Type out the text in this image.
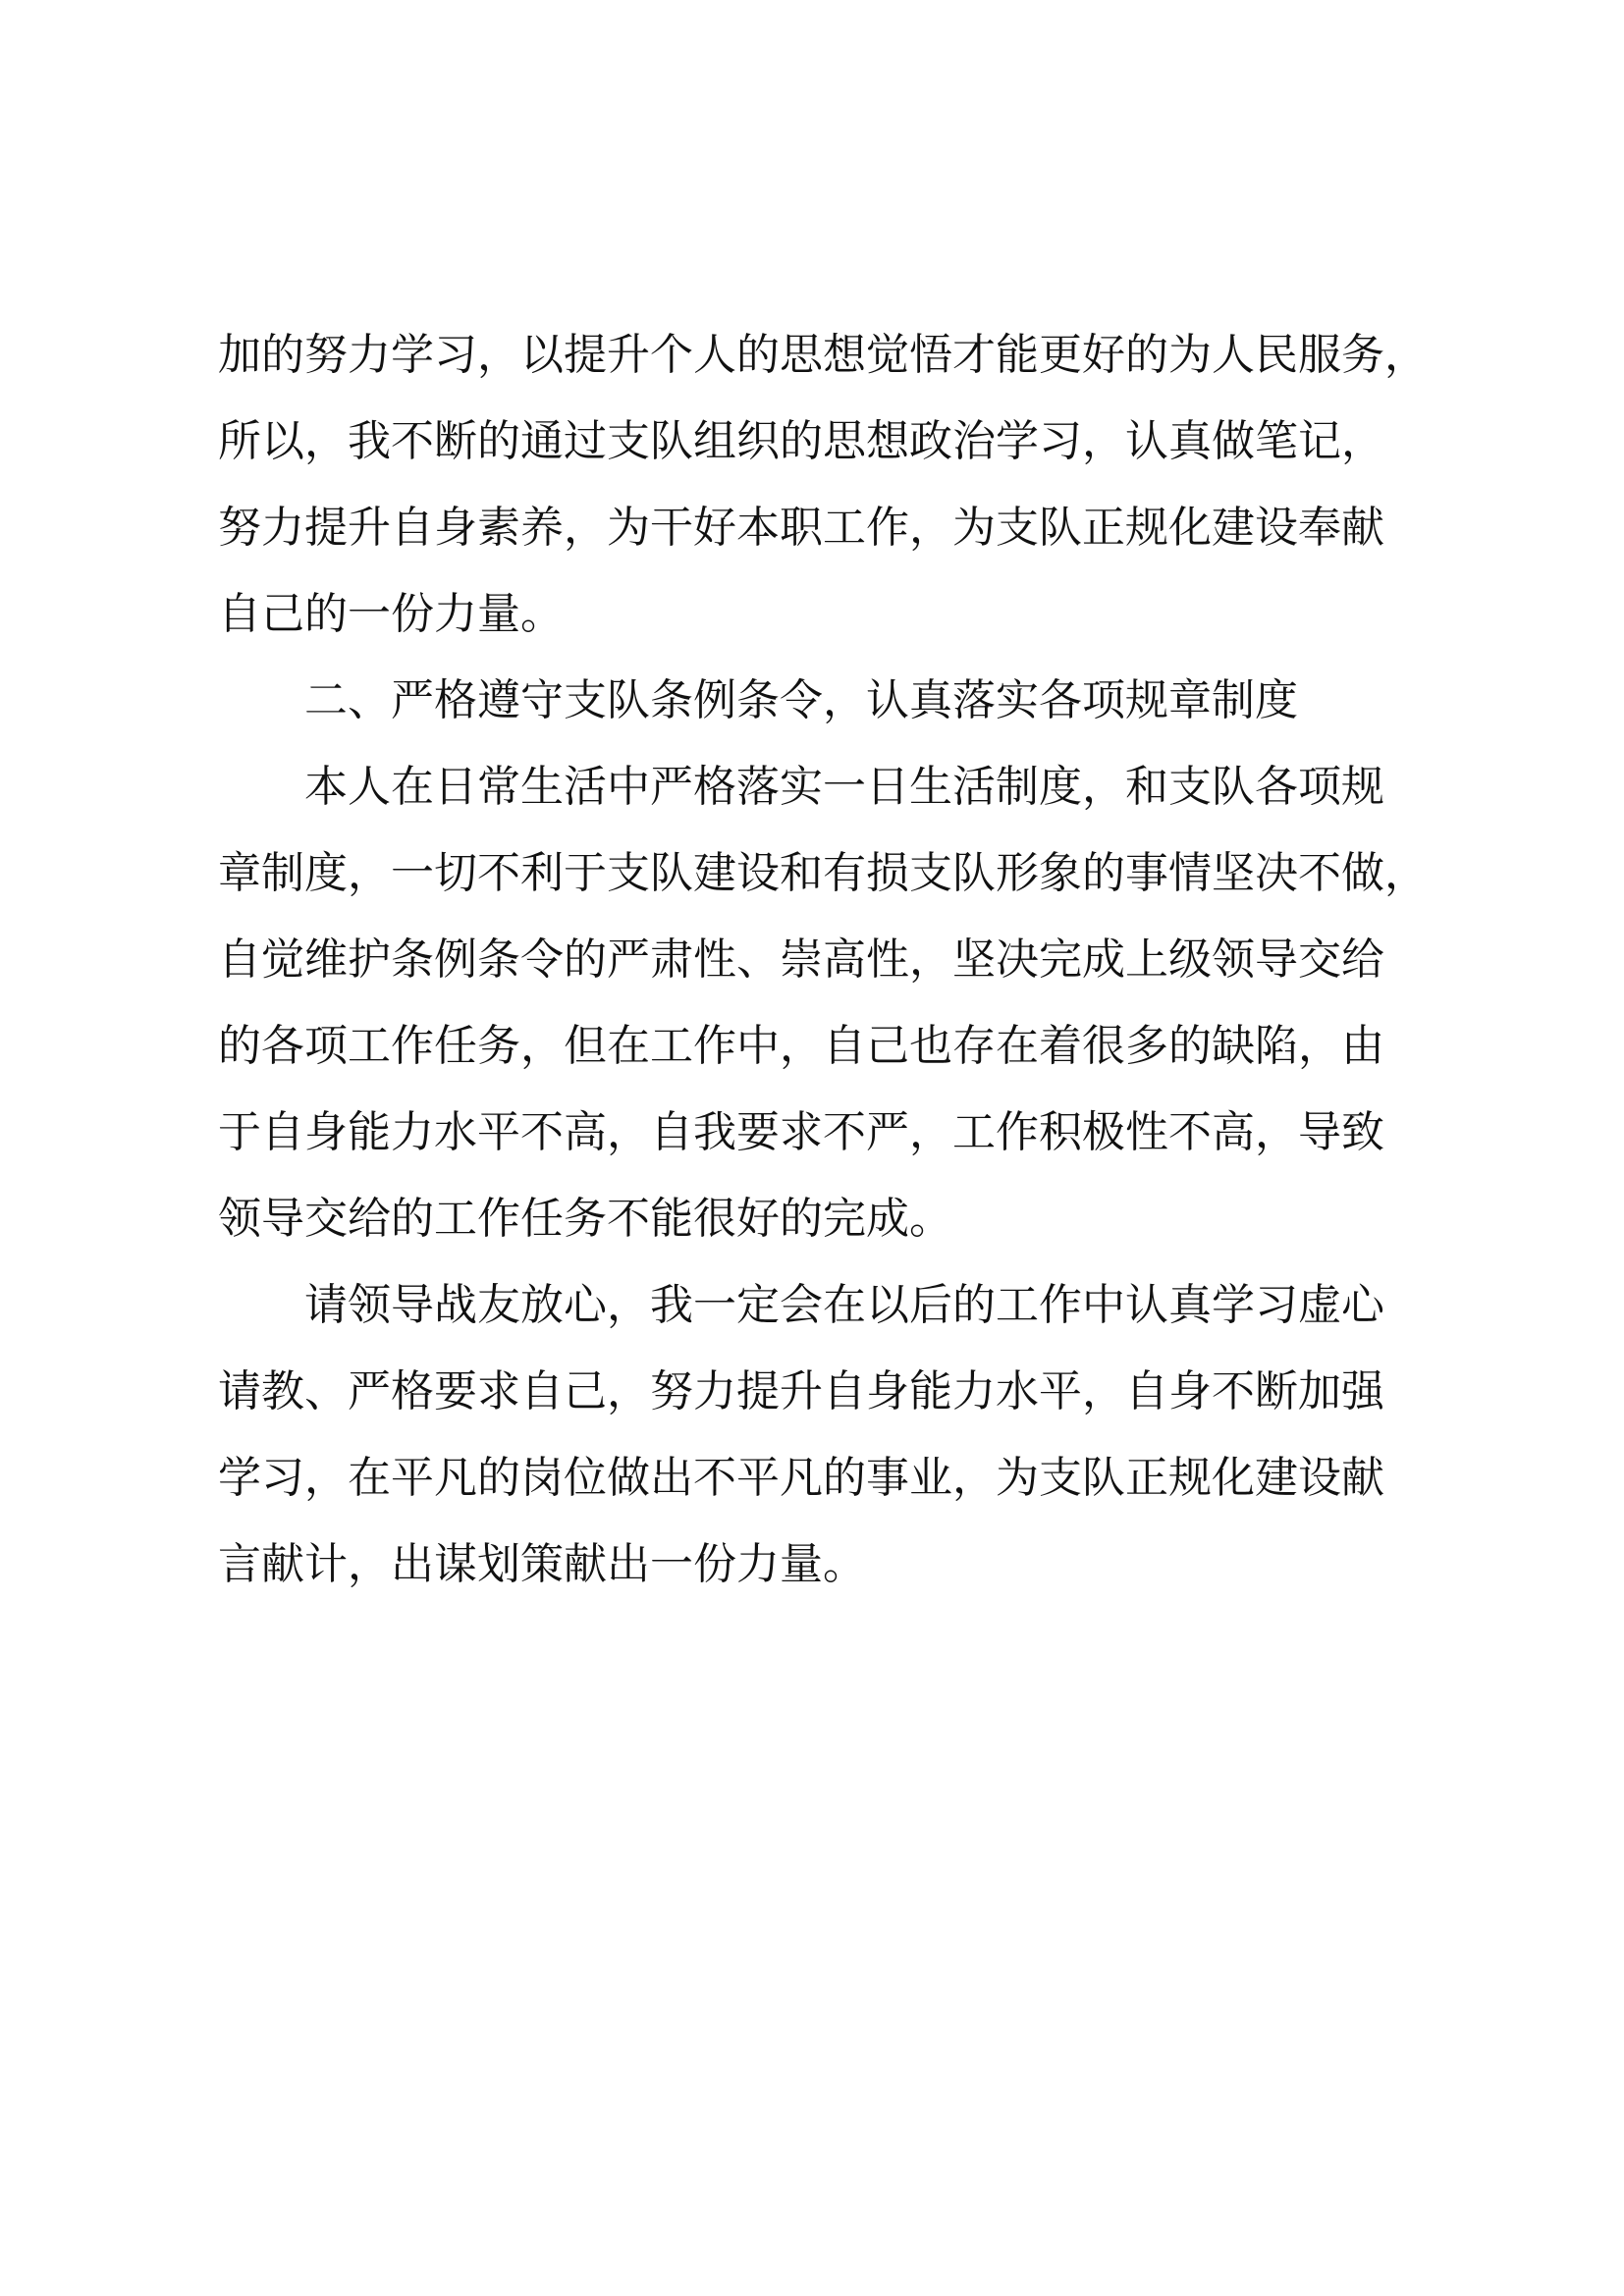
加的努力学习，以提升个人的思想觉悟才能更好的为人民服务，
所以，我不断的通过支队组织的思想政治学习，认真做笔记，
努力提升自身素养，为干好本职工作，为支队正规化建设奉献
自己的一份力量。
二、严格遵守支队条例条令，认真落实各项规章制度
本人在日常生活中严格落实一日生活制度，和支队各项规
章制度，一切不利于支队建设和有损支队形象的事情坚决不做，
自觉维护条例条令的严肃性、崇高性，坚决完成上级领导交给
的各项工作任务，但在工作中，自己也存在着很多的缺陷，由
于自身能力水平不高，自我要求不严，工作积极性不高，导致
领导交给的工作任务不能很好的完成。
请领导战友放心，我一定会在以后的工作中认真学习虚心
请教、严格要求自己，努力提升自身能力水平，自身不断加强
学习，在平凡的岗位做出不平凡的事业，为支队正规化建设献
言献计，出谋划策献出一份力量。
